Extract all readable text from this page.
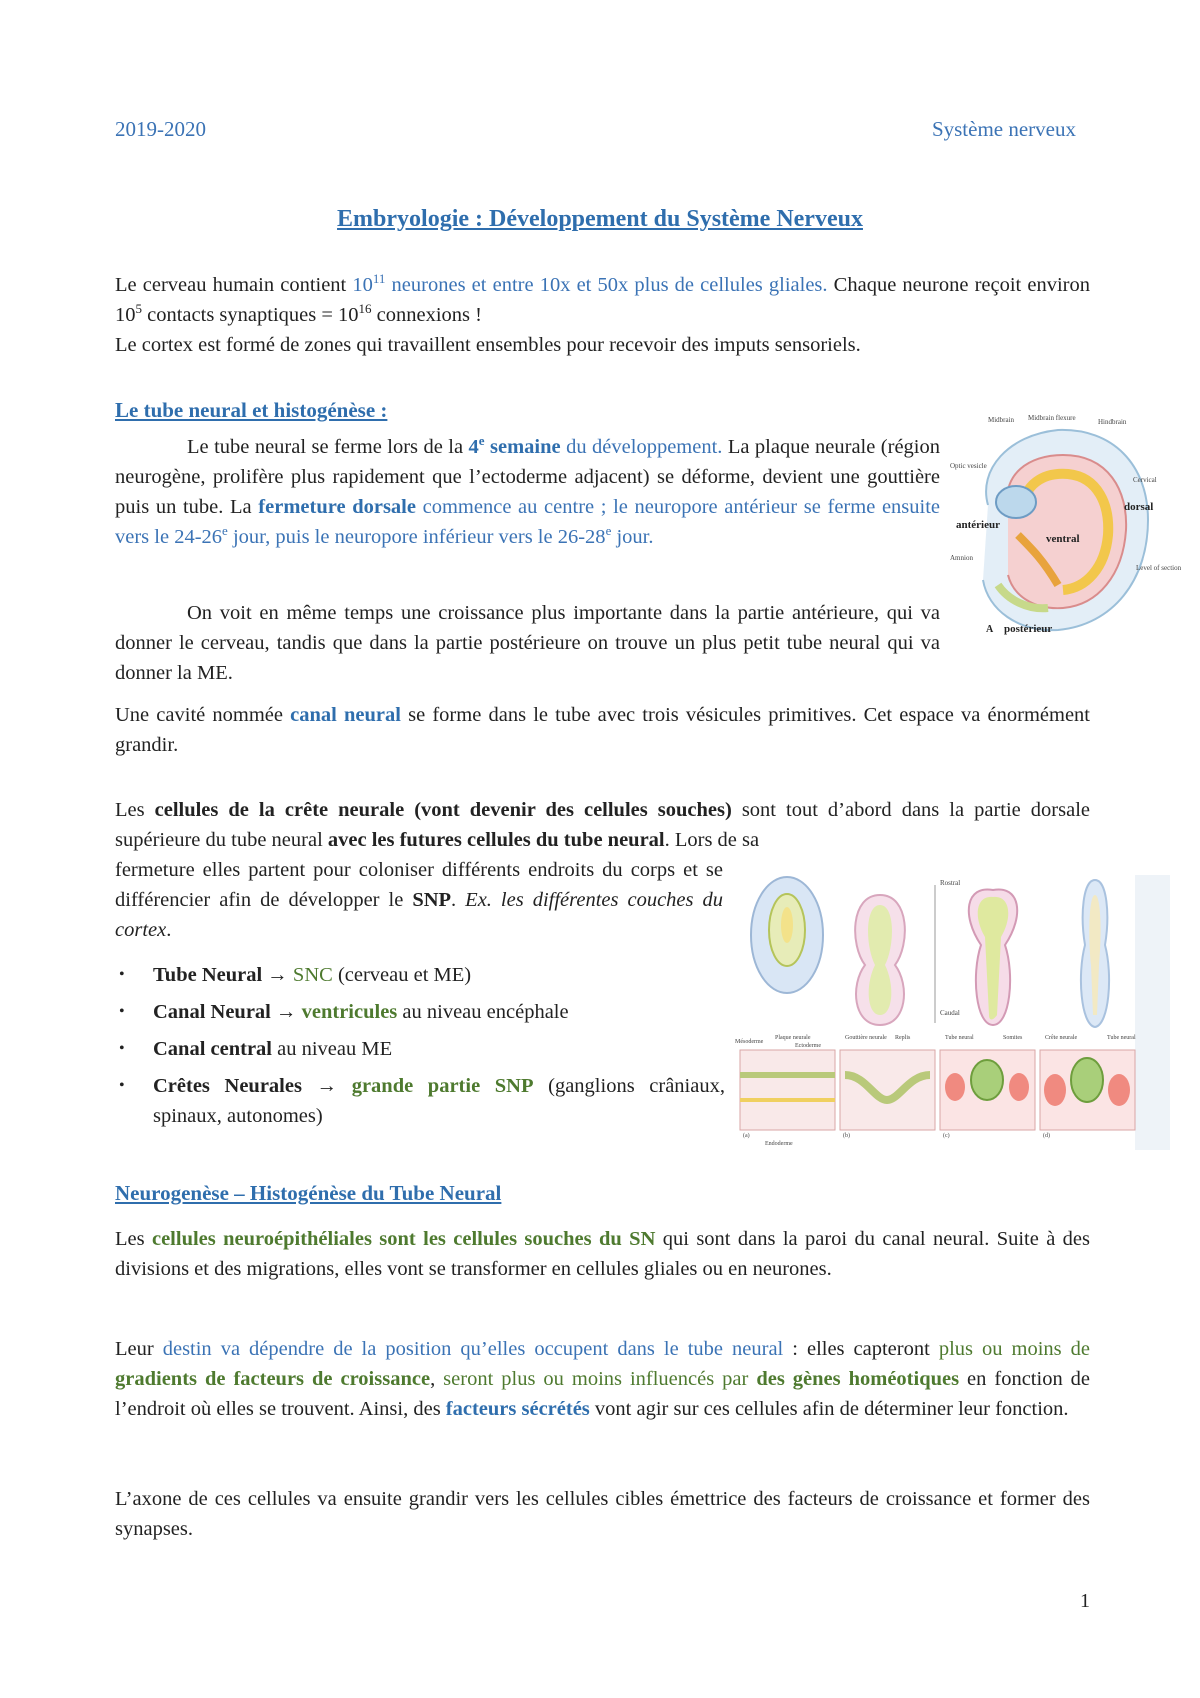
2019-2020	Système nerveux
Embryologie : Développement du Système Nerveux
Le cerveau humain contient $10^{11}$ neurones et entre 10x et 50x plus de cellules gliales. Chaque neurone reçoit environ $10^5$ contacts synaptiques = $10^{16}$ connexions !
Le cortex est formé de zones qui travaillent ensembles pour recevoir des imputs sensoriels.
Le tube neural et histogénèse :
Le tube neural se ferme lors de la 4e semaine du développement. La plaque neurale (région neurogène, prolifère plus rapidement que l’ectoderme adjacent) se déforme, devient une gouttière puis un tube. La fermeture dorsale commence au centre ; le neuropore antérieur se ferme ensuite vers le 24-26e jour, puis le neuropore inférieur vers le 26-28e jour.
On voit en même temps une croissance plus importante dans la partie antérieure, qui va donner le cerveau, tandis que dans la partie postérieure on trouve un plus petit tube neural qui va donner la ME.
Une cavité nommée canal neural se forme dans le tube avec trois vésicules primitives. Cet espace va énormément grandir.
Les cellules de la crête neurale (vont devenir des cellules souches) sont tout d’abord dans la partie dorsale supérieure du tube neural avec les futures cellules du tube neural. Lors de sa
fermeture elles partent pour coloniser différents endroits du corps et se différencier afin de développer le SNP. Ex. les différentes couches du cortex.
• Tube Neural → SNC (cerveau et ME)
• Canal Neural → ventricules au niveau encéphale
• Canal central au niveau ME
• Crêtes Neurales → grande partie SNP (ganglions crâniaux, spinaux, autonomes)
Midbrain Midbrain flexure	Hindbrain
Optic vesicle
Cervical
dorsal
antérieur
ventral
Level of section
Amnion
postérieur
A
Rostral
Caudal
Mésoderme
Plaque neurale
Ectoderme
Gouttière neurale Replis	Tube neural	Somites	Crête neurale	Tube neural
Endoderme
(a)	(b)	(c)	(d)
Neurogenèse – Histogénèse du Tube Neural
Les cellules neuroépithéliales sont les cellules souches du SN qui sont dans la paroi du canal neural. Suite à des divisions et des migrations, elles vont se transformer en cellules gliales ou en neurones.
Leur destin va dépendre de la position qu’elles occupent dans le tube neural : elles capteront plus ou moins de gradients de facteurs de croissance, seront plus ou moins influencés par des gènes homéotiques en fonction de l’endroit où elles se trouvent. Ainsi, des facteurs sécrétés vont agir sur ces cellules afin de déterminer leur fonction.
L’axone de ces cellules va ensuite grandir vers les cellules cibles émettrice des facteurs de croissance et former des synapses.
1
